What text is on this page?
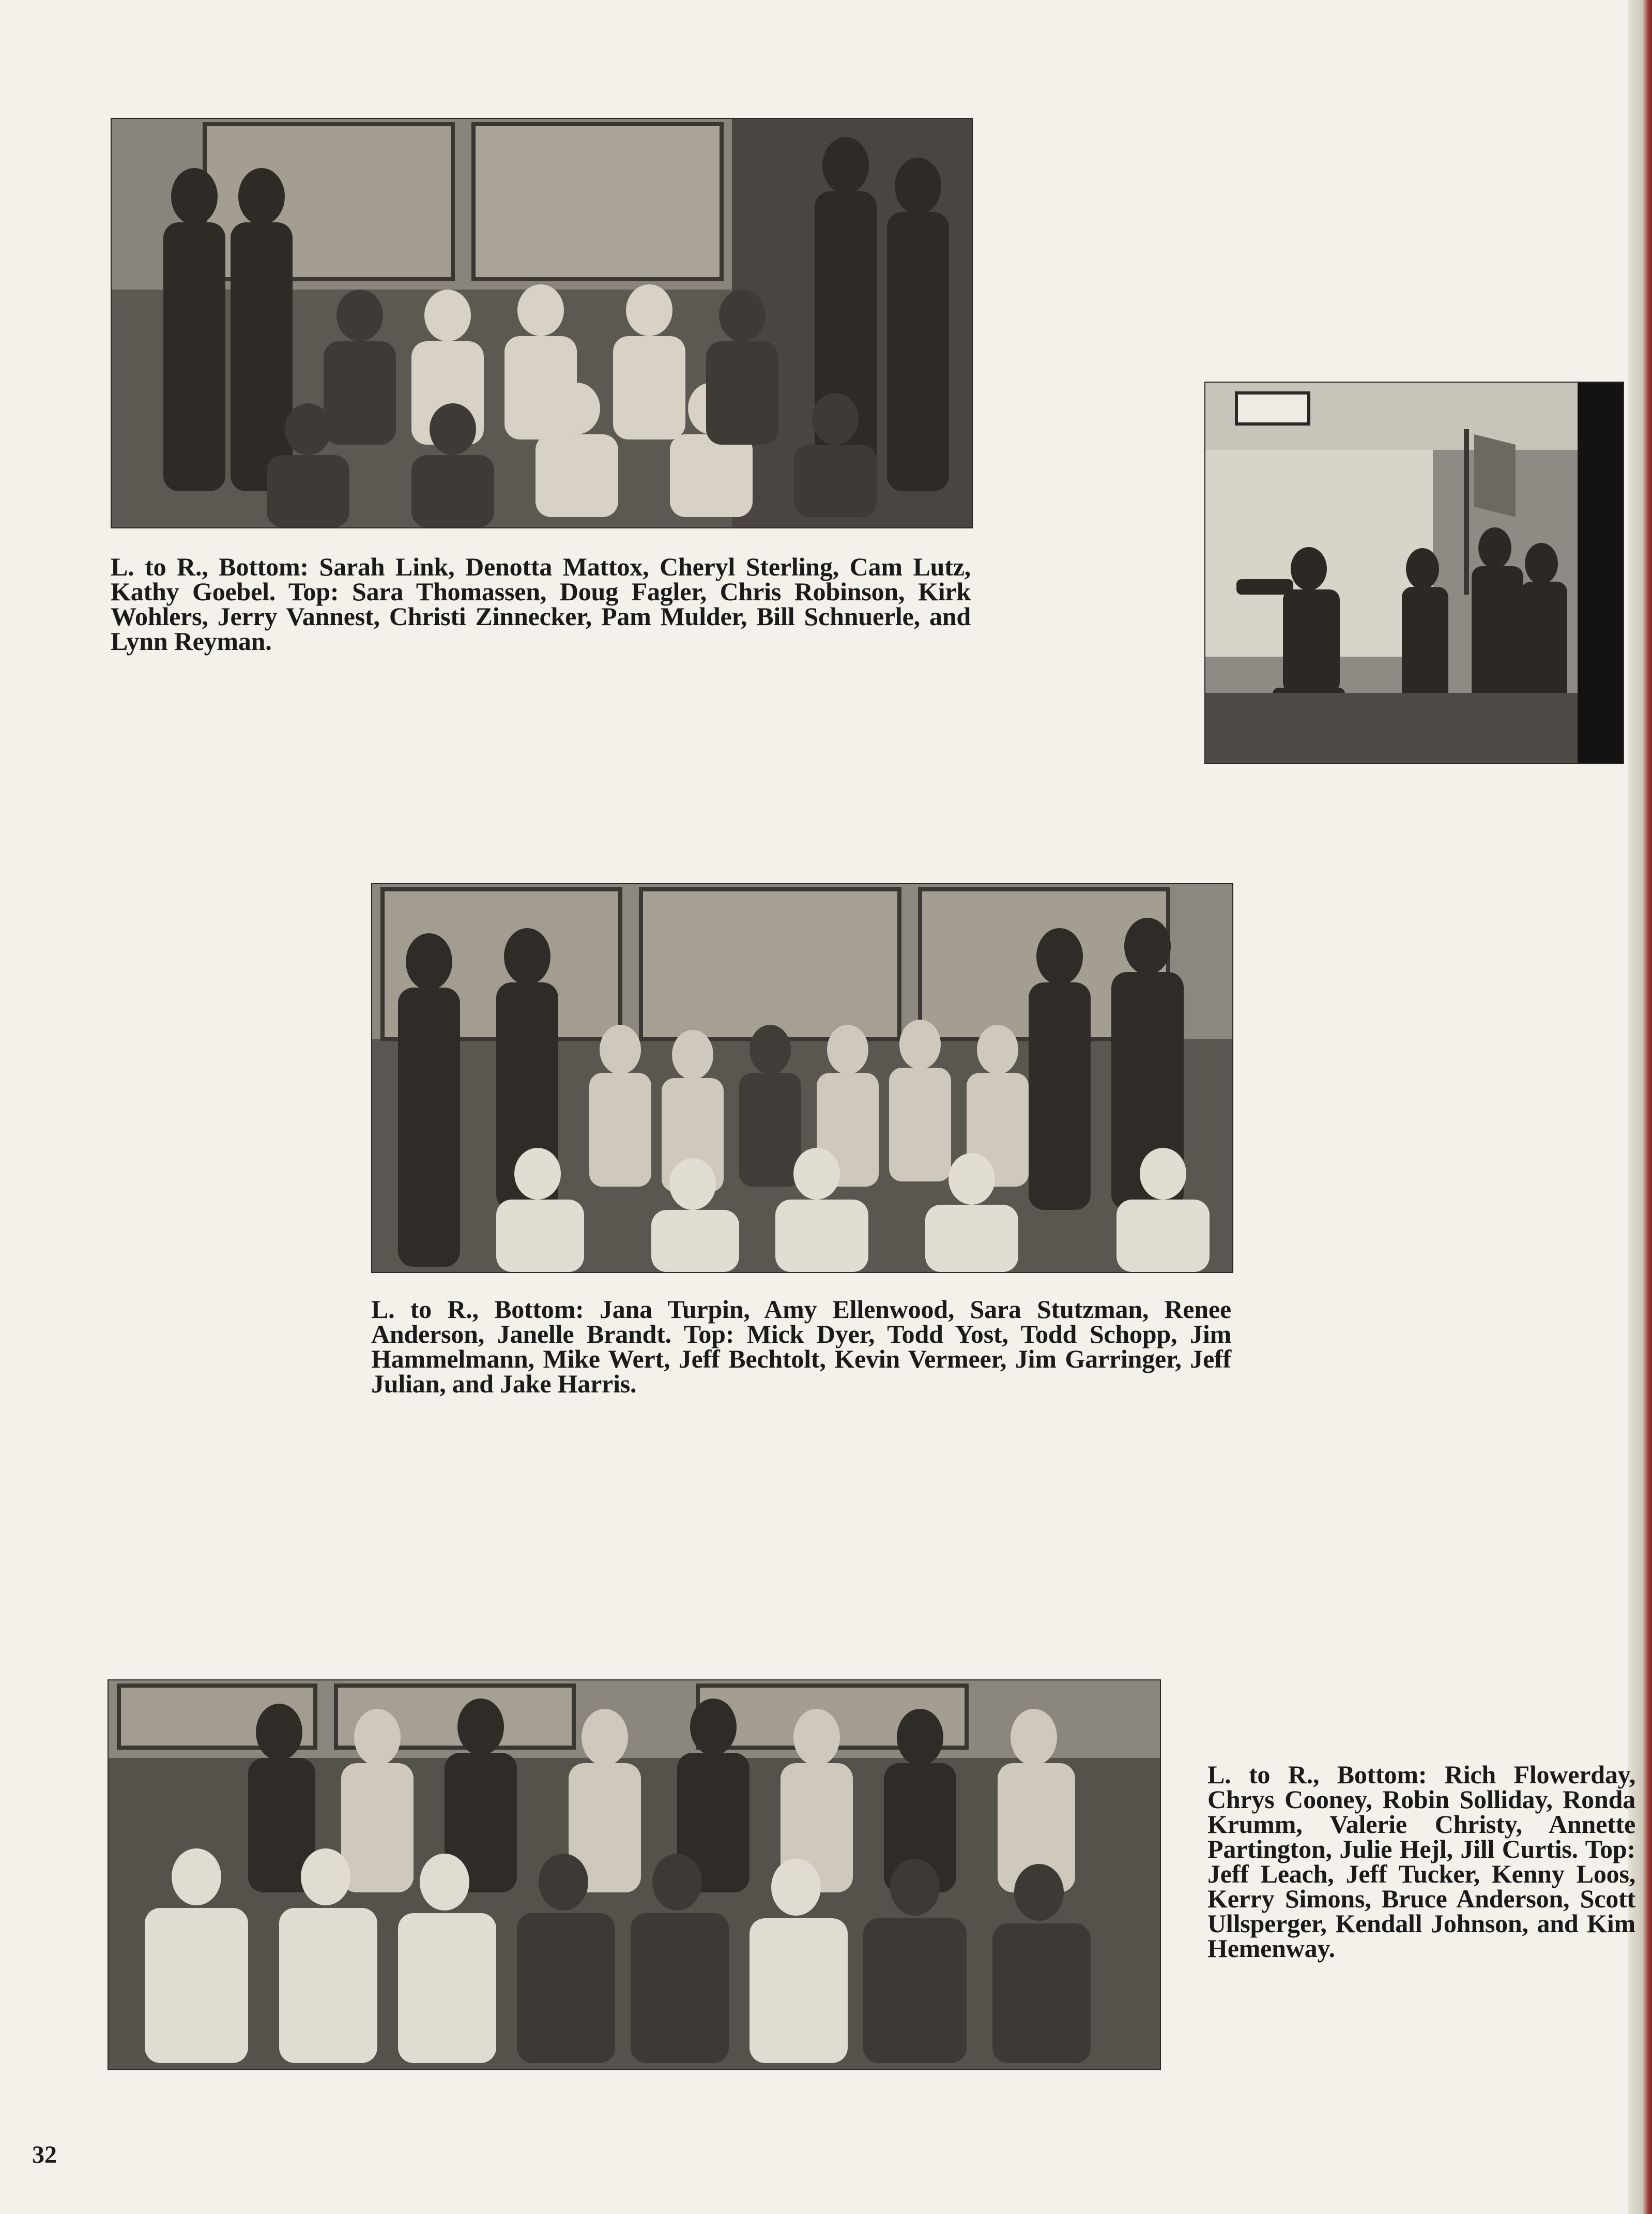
L. to R., Bottom: Sarah Link, Denotta Mattox, Cheryl Sterling, Cam Lutz, Kathy Goebel. Top: Sara Thomassen, Doug Fagler, Chris Robinson, Kirk Wohlers, Jerry Vannest, Christi Zinnecker, Pam Mulder, Bill Schnuerle, and Lynn Reyman.
L. to R., Bottom: Jana Turpin, Amy Ellenwood, Sara Stutzman, Renee Anderson, Janelle Brandt. Top: Mick Dyer, Todd Yost, Todd Schopp, Jim Hammelmann, Mike Wert, Jeff Bechtolt, Kevin Vermeer, Jim Garringer, Jeff Julian, and Jake Harris.
L. to R., Bottom: Rich Flowerday, Chrys Cooney, Robin Solliday, Ronda Krumm, Valerie Christy, Annette Partington, Julie Hejl, Jill Curtis. Top: Jeff Leach, Jeff Tucker, Kenny Loos, Kerry Simons, Bruce Anderson, Scott Ullsperger, Kendall Johnson, and Kim Hemenway.
32
